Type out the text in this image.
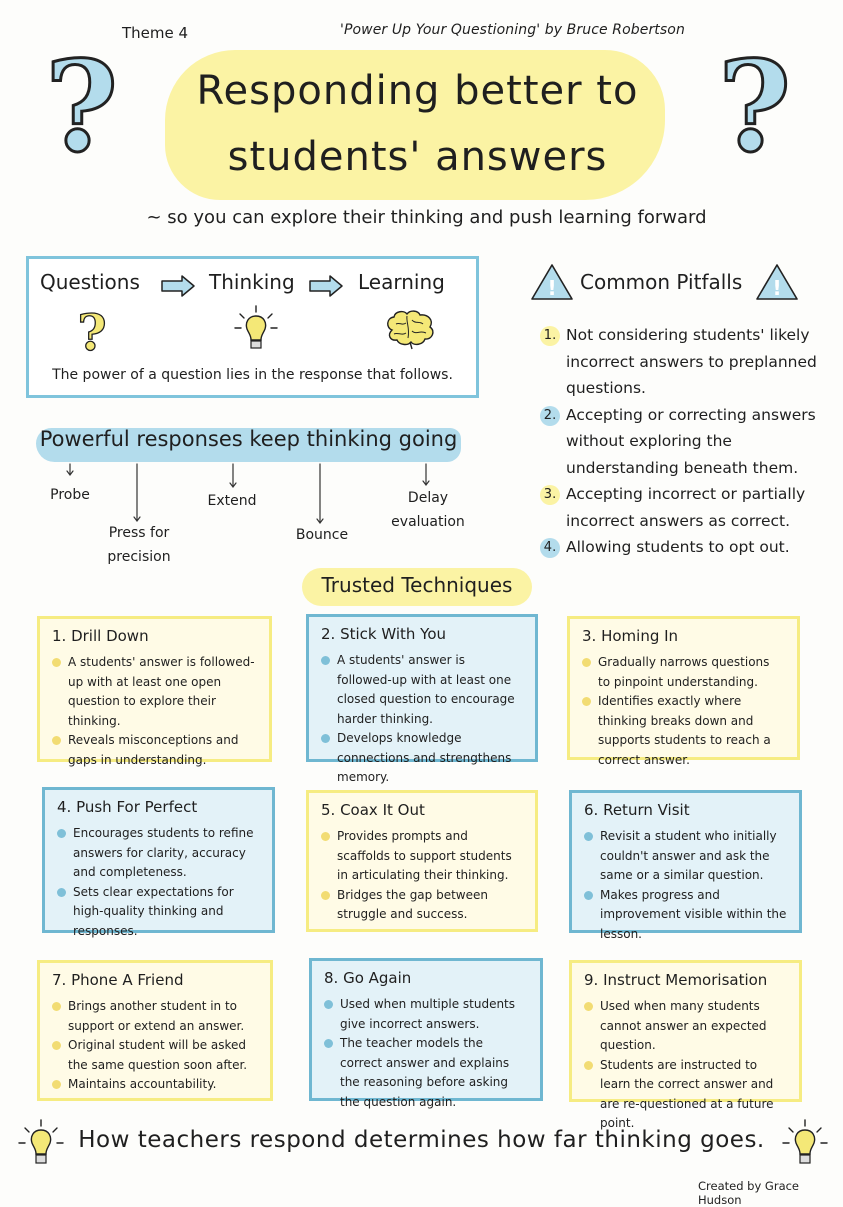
Theme 4	'Power Up Your Questioning' by Bruce Robertson
Responding better to
students' answers
?	?
~ so you can explore their thinking and push learning forward
Questions	Thinking	Learning
?
The power of a question lies in the response that follows.
! Common Pitfalls !
1. Not considering students' likely incorrect answers to preplanned questions.
2. Accepting or correcting answers without exploring the understanding beneath them.
3. Accepting incorrect or partially incorrect answers as correct.
4. Allowing students to opt out.
Powerful responses keep thinking going
Probe
Press for precision
Extend
Bounce
Delay evaluation
Trusted Techniques
1. Drill Down
A students' answer is followed-up with at least one open question to explore their thinking.
Reveals misconceptions and gaps in understanding.
2. Stick With You
A students' answer is followed-up with at least one closed question to encourage harder thinking.
Develops knowledge connections and strengthens memory.
3. Homing In
Gradually narrows questions to pinpoint understanding.
Identifies exactly where thinking breaks down and supports students to reach a correct answer.
4. Push For Perfect
Encourages students to refine answers for clarity, accuracy and completeness.
Sets clear expectations for high-quality thinking and responses.
5. Coax It Out
Provides prompts and scaffolds to support students in articulating their thinking.
Bridges the gap between struggle and success.
6. Return Visit
Revisit a student who initially couldn't answer and ask the same or a similar question.
Makes progress and improvement visible within the lesson.
7. Phone A Friend
Brings another student in to support or extend an answer.
Original student will be asked the same question soon after.
Maintains accountability.
8. Go Again
Used when multiple students give incorrect answers.
The teacher models the correct answer and explains the reasoning before asking the question again.
9. Instruct Memorisation
Used when many students cannot answer an expected question.
Students are instructed to learn the correct answer and are re-questioned at a future point.
How teachers respond determines how far thinking goes.
Created by Grace Hudson
